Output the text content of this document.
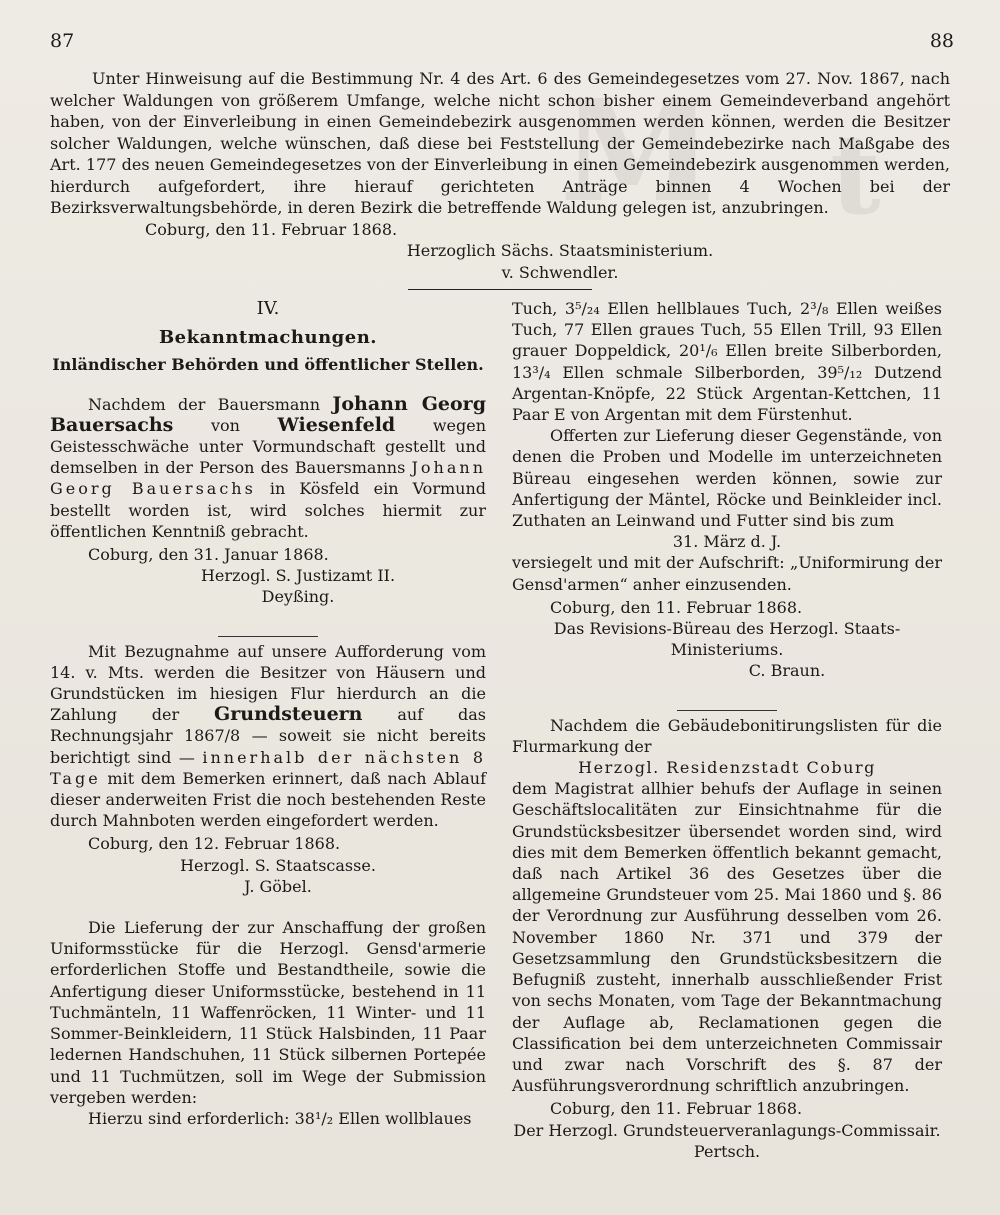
M t
87	88

Unter Hinweisung auf die Bestimmung Nr. 4 des Art. 6 des Gemeindegesetzes vom 27. Nov. 1867, nach welcher Waldungen von größerem Umfange, welche nicht schon bisher einem Gemeindeverband angehört haben, von der Einverleibung in einen Gemeindebezirk ausgenommen werden können, werden die Besitzer solcher Waldungen, welche wünschen, daß diese bei Feststellung der Gemeindebezirke nach Maßgabe des Art. 177 des neuen Gemeindegesetzes von der Einverleibung in einen Gemeindebezirk ausgenommen werden, hierdurch aufgefordert, ihre hierauf gerichteten Anträge binnen 4 Wochen bei der Bezirksverwaltungsbehörde, in deren Bezirk die betreffende Waldung gelegen ist, anzubringen.

Coburg, den 11. Februar 1868.

Herzoglich Sächs. Staatsministerium.
v. Schwendler.
IV.
Bekanntmachungen.
Inländischer Behörden und öffentlicher Stellen.

Nachdem der Bauersmann Johann Georg Bauersachs von Wiesenfeld wegen Geistesschwäche unter Vormundschaft gestellt und demselben in der Person des Bauersmanns Johann Georg Bauersachs in Kösfeld ein Vormund bestellt worden ist, wird solches hiermit zur öffentlichen Kenntniß gebracht.

Coburg, den 31. Januar 1868.

Herzogl. S. Justizamt II.
Deyßing.

Mit Bezugnahme auf unsere Aufforderung vom 14. v. Mts. werden die Besitzer von Häusern und Grundstücken im hiesigen Flur hierdurch an die Zahlung der Grundsteuern auf das Rechnungsjahr 1867/8 — soweit sie nicht bereits berichtigt sind — innerhalb der nächsten 8 Tage mit dem Bemerken erinnert, daß nach Ablauf dieser anderweiten Frist die noch bestehenden Reste durch Mahnboten werden eingefordert werden.

Coburg, den 12. Februar 1868.

Herzogl. S. Staatscasse.
J. Göbel.

Die Lieferung der zur Anschaffung der großen Uniformsstücke für die Herzogl. Gensd'armerie erforderlichen Stoffe und Bestandtheile, sowie die Anfertigung dieser Uniformsstücke, bestehend in 11 Tuchmänteln, 11 Waffenröcken, 11 Winter- und 11 Sommer-Beinkleidern, 11 Stück Halsbinden, 11 Paar ledernen Handschuhen, 11 Stück silbernen Portepée und 11 Tuchmützen, soll im Wege der Submission vergeben werden:

Hierzu sind erforderlich: 38¹/₂ Ellen wollblaues

Tuch, 3⁵/₂₄ Ellen hellblaues Tuch, 2³/₈ Ellen weißes Tuch, 77 Ellen graues Tuch, 55 Ellen Trill, 93 Ellen grauer Doppeldick, 20¹/₆ Ellen breite Silberborden, 13³/₄ Ellen schmale Silberborden, 39⁵/₁₂ Dutzend Argentan-Knöpfe, 22 Stück Argentan-Kettchen, 11 Paar E von Argentan mit dem Fürstenhut.

Offerten zur Lieferung dieser Gegenstände, von denen die Proben und Modelle im unterzeichneten Büreau eingesehen werden können, sowie zur Anfertigung der Mäntel, Röcke und Beinkleider incl. Zuthaten an Leinwand und Futter sind bis zum

31. März d. J.

versiegelt und mit der Aufschrift: „Uniformirung der Gensd'armen“ anher einzusenden.

Coburg, den 11. Februar 1868.

Das Revisions-Büreau des Herzogl. Staats-Ministeriums.
C. Braun.

Nachdem die Gebäudebonitirungslisten für die Flurmarkung der

Herzogl. Residenzstadt Coburg

dem Magistrat allhier behufs der Auflage in seinen Geschäftslocalitäten zur Einsichtnahme für die Grundstücksbesitzer übersendet worden sind, wird dies mit dem Bemerken öffentlich bekannt gemacht, daß nach Artikel 36 des Gesetzes über die allgemeine Grundsteuer vom 25. Mai 1860 und §. 86 der Verordnung zur Ausführung desselben vom 26. November 1860 Nr. 371 und 379 der Gesetzsammlung den Grundstücksbesitzern die Befugniß zusteht, innerhalb ausschließender Frist von sechs Monaten, vom Tage der Bekanntmachung der Auflage ab, Reclamationen gegen die Classification bei dem unterzeichneten Commissair und zwar nach Vorschrift des §. 87 der Ausführungsverordnung schriftlich anzubringen.

Coburg, den 11. Februar 1868.

Der Herzogl. Grundsteuerveranlagungs-Commissair.
Pertsch.
